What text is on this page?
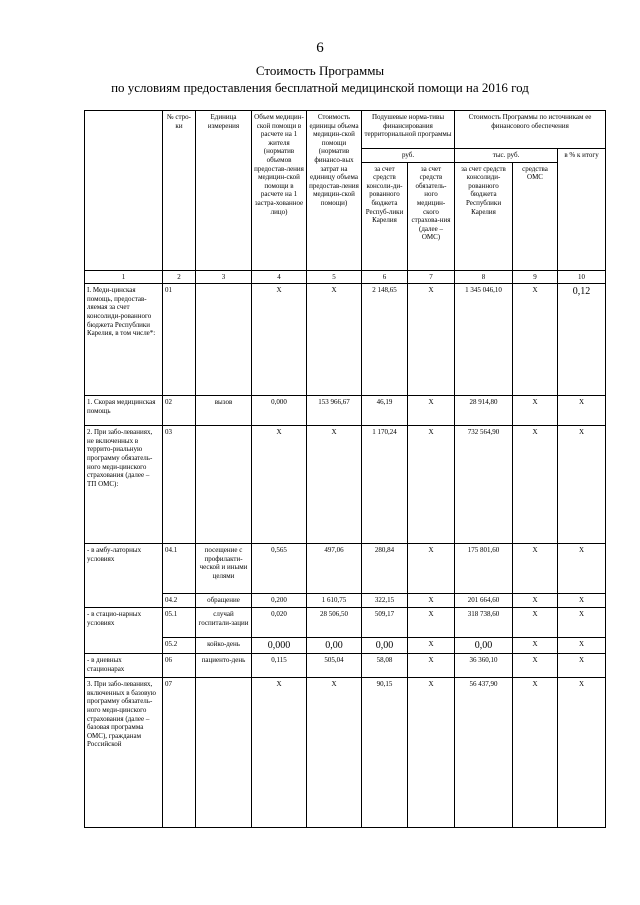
6
Стоимость Программы
по условиям предоставления бесплатной медицинской помощи на 2016 год
	№ стро-ки	Единица измерения	Объем медицин-ской помощи в расчете на 1 жителя (норматив объемов предостав-ления медицин-ской помощи в расчете на 1 застра-хованное лицо)	Стоимость единицы объема медицин-ской помощи (норматив финансо-вых затрат на единицу объема предостав-ления медицин-ской помощи)	Подушевые норма-тивы финансирования территориальной программы		Стоимость Программы по источникам ее финансового обеспечения		
					руб.		тыс. руб.		в % к итогу
					за счет средств консоли-ди-рованного бюджета Респуб-лики Карелия	за счет средств обязатель-ного медицин-ского страхова-ния (далее – ОМС)	за счет средств консолиди-рованного бюджета Республики Карелия	средства ОМС	

1	2	3	4	5	6	7	8	9	10
I. Меди-цинская помощь, предостав-ляемая за счет консолиди-рованного бюджета Республики Карелия, в том числе*:	01		X	X	2 148,65	X	1 345 046,10	X	0,12
1. Скорая медицинская помощь	02	вызов	0,000	153 966,67	46,19	X	28 914,80	X	X
2. При забо-леваниях, не включенных в террито-риальную программу обязатель-ного меди-цинского страхования (далее – ТП ОМС):	03		X	X	1 170,24	X	732 564,90	X	X
- в амбу-латорных условиях	04.1	посещение с профилакти-ческой и иными целями	0,565	497,06	280,84	X	175 801,60	X	X
	04.2	обращение	0,200	1 610,75	322,15	X	201 664,60	X	X
- в стацио-нарных условиях	05.1	случай госпитали-зации	0,020	28 506,50	509,17	X	318 738,60	X	X
	05.2	койко-день	0,000	0,00	0,00	X	0,00	X	X
- в дневных стационарах	06	пациенто-день	0,115	505,04	58,08	X	36 360,10	X	X
3. При забо-леваниях, включенных в базовую программу обязатель-ного меди-цинского страхования (далее – базовая программа ОМС), гражданам Российской	07		X	X	90,15	X	56 437,90	X	X
